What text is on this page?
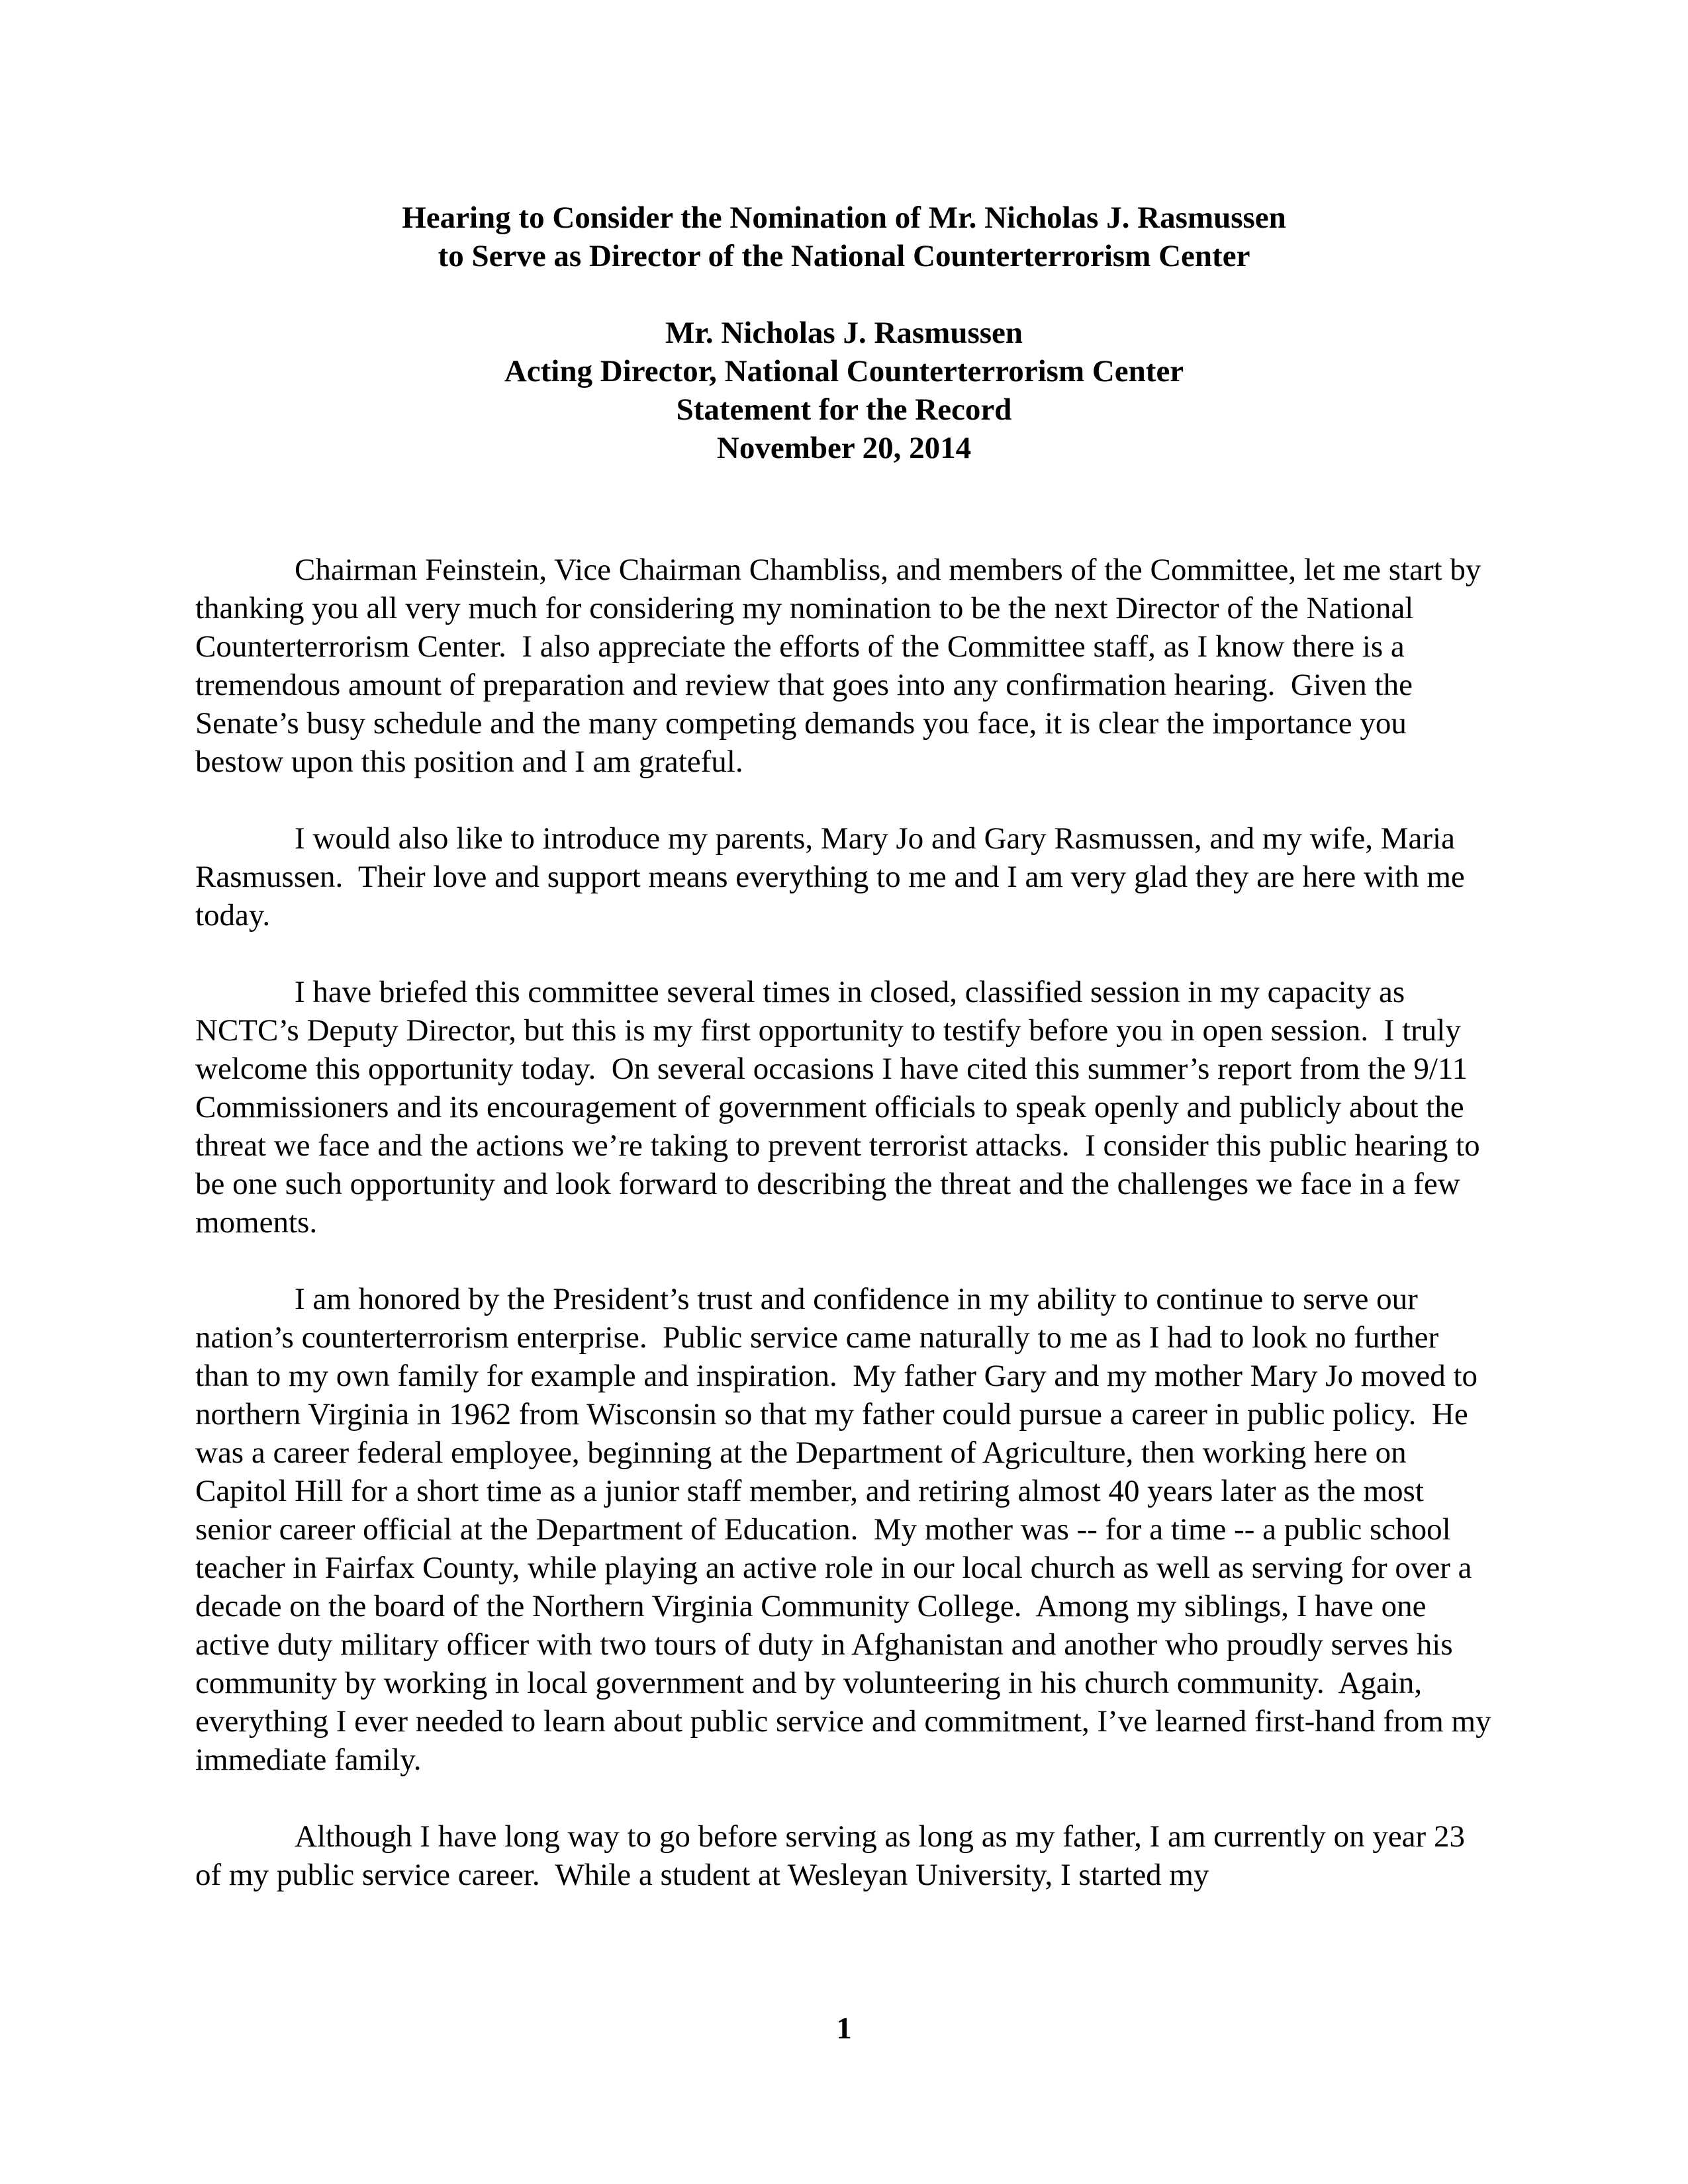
Hearing to Consider the Nomination of Mr. Nicholas J. Rasmussen
to Serve as Director of the National Counterterrorism Center
Mr. Nicholas J. Rasmussen
Acting Director, National Counterterrorism Center
Statement for the Record
November 20, 2014

Chairman Feinstein, Vice Chairman Chambliss, and members of the Committee, let me start by thanking you all very much for considering my nomination to be the next Director of the National Counterterrorism Center.  I also appreciate the efforts of the Committee staff, as I know there is a tremendous amount of preparation and review that goes into any confirmation hearing.  Given the Senate’s busy schedule and the many competing demands you face, it is clear the importance you bestow upon this position and I am grateful.

I would also like to introduce my parents, Mary Jo and Gary Rasmussen, and my wife, Maria Rasmussen.  Their love and support means everything to me and I am very glad they are here with me today.

I have briefed this committee several times in closed, classified session in my capacity as NCTC’s Deputy Director, but this is my first opportunity to testify before you in open session.  I truly welcome this opportunity today.  On several occasions I have cited this summer’s report from the 9/11 Commissioners and its encouragement of government officials to speak openly and publicly about the threat we face and the actions we’re taking to prevent terrorist attacks.  I consider this public hearing to be one such opportunity and look forward to describing the threat and the challenges we face in a few moments.

I am honored by the President’s trust and confidence in my ability to continue to serve our nation’s counterterrorism enterprise.  Public service came naturally to me as I had to look no further than to my own family for example and inspiration.  My father Gary and my mother Mary Jo moved to northern Virginia in 1962 from Wisconsin so that my father could pursue a career in public policy.  He was a career federal employee, beginning at the Department of Agriculture, then working here on Capitol Hill for a short time as a junior staff member, and retiring almost 40 years later as the most senior career official at the Department of Education.  My mother was -- for a time -- a public school teacher in Fairfax County, while playing an active role in our local church as well as serving for over a decade on the board of the Northern Virginia Community College.  Among my siblings, I have one active duty military officer with two tours of duty in Afghanistan and another who proudly serves his community by working in local government and by volunteering in his church community.  Again, everything I ever needed to learn about public service and commitment, I’ve learned first-hand from my immediate family.

Although I have long way to go before serving as long as my father, I am currently on year 23 of my public service career.  While a student at Wesleyan University, I started my

1
